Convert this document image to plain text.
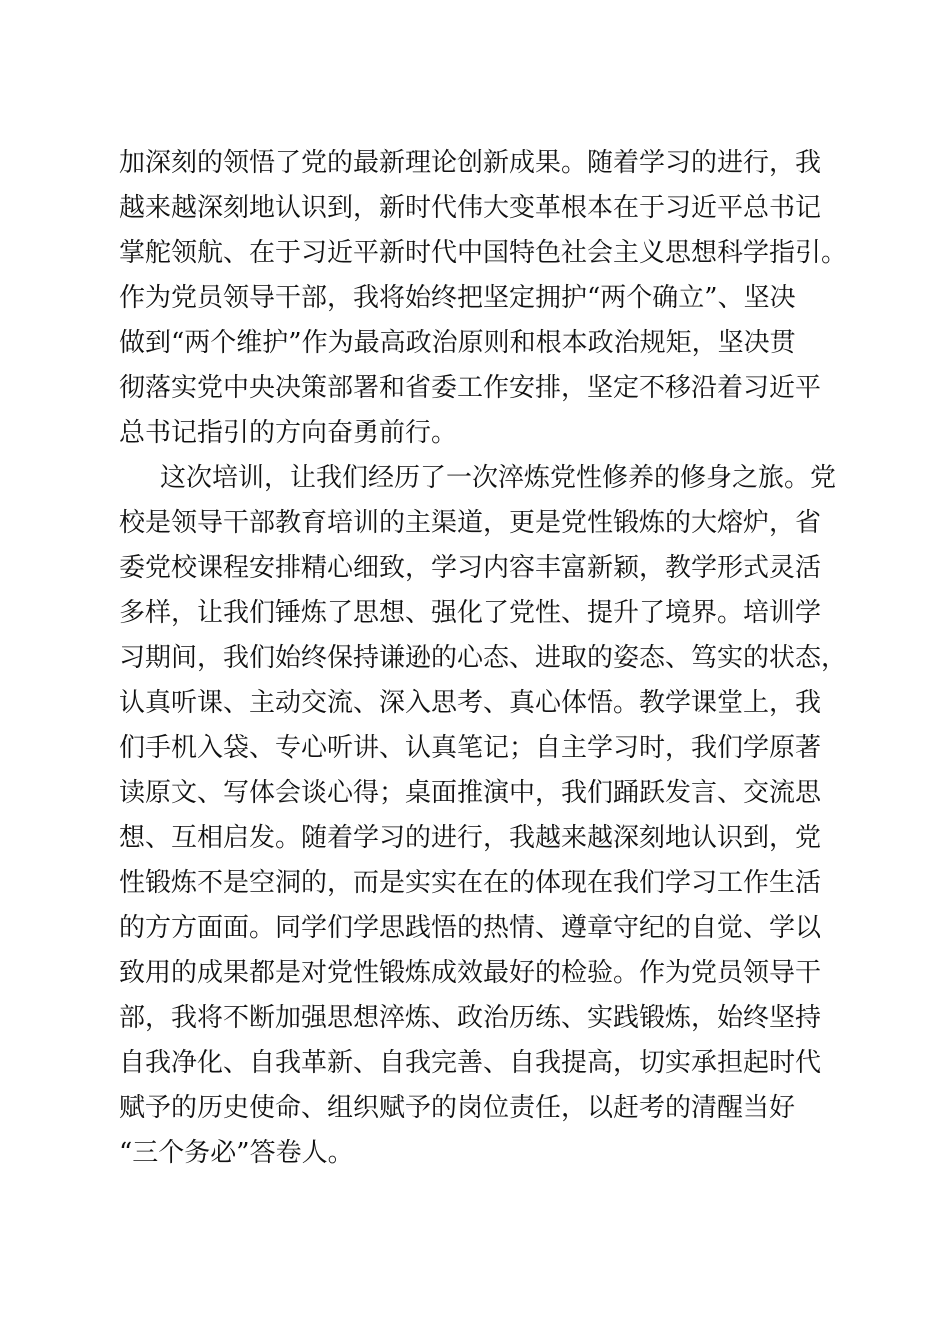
加深刻的领悟了党的最新理论创新成果。随着学习的进行，我
越来越深刻地认识到，新时代伟大变革根本在于习近平总书记
掌舵领航、在于习近平新时代中国特色社会主义思想科学指引。
作为党员领导干部，我将始终把坚定拥护“两个确立”、坚决
做到“两个维护”作为最高政治原则和根本政治规矩，坚决贯
彻落实党中央决策部署和省委工作安排，坚定不移沿着习近平
总书记指引的方向奋勇前行。
这次培训，让我们经历了一次淬炼党性修养的修身之旅。党
校是领导干部教育培训的主渠道，更是党性锻炼的大熔炉，省
委党校课程安排精心细致，学习内容丰富新颖，教学形式灵活
多样，让我们锤炼了思想、强化了党性、提升了境界。培训学
习期间，我们始终保持谦逊的心态、进取的姿态、笃实的状态，
认真听课、主动交流、深入思考、真心体悟。教学课堂上，我
们手机入袋、专心听讲、认真笔记；自主学习时，我们学原著
读原文、写体会谈心得；桌面推演中，我们踊跃发言、交流思
想、互相启发。随着学习的进行，我越来越深刻地认识到，党
性锻炼不是空洞的，而是实实在在的体现在我们学习工作生活
的方方面面。同学们学思践悟的热情、遵章守纪的自觉、学以
致用的成果都是对党性锻炼成效最好的检验。作为党员领导干
部，我将不断加强思想淬炼、政治历练、实践锻炼，始终坚持
自我净化、自我革新、自我完善、自我提高，切实承担起时代
赋予的历史使命、组织赋予的岗位责任，以赶考的清醒当好
“三个务必”答卷人。
